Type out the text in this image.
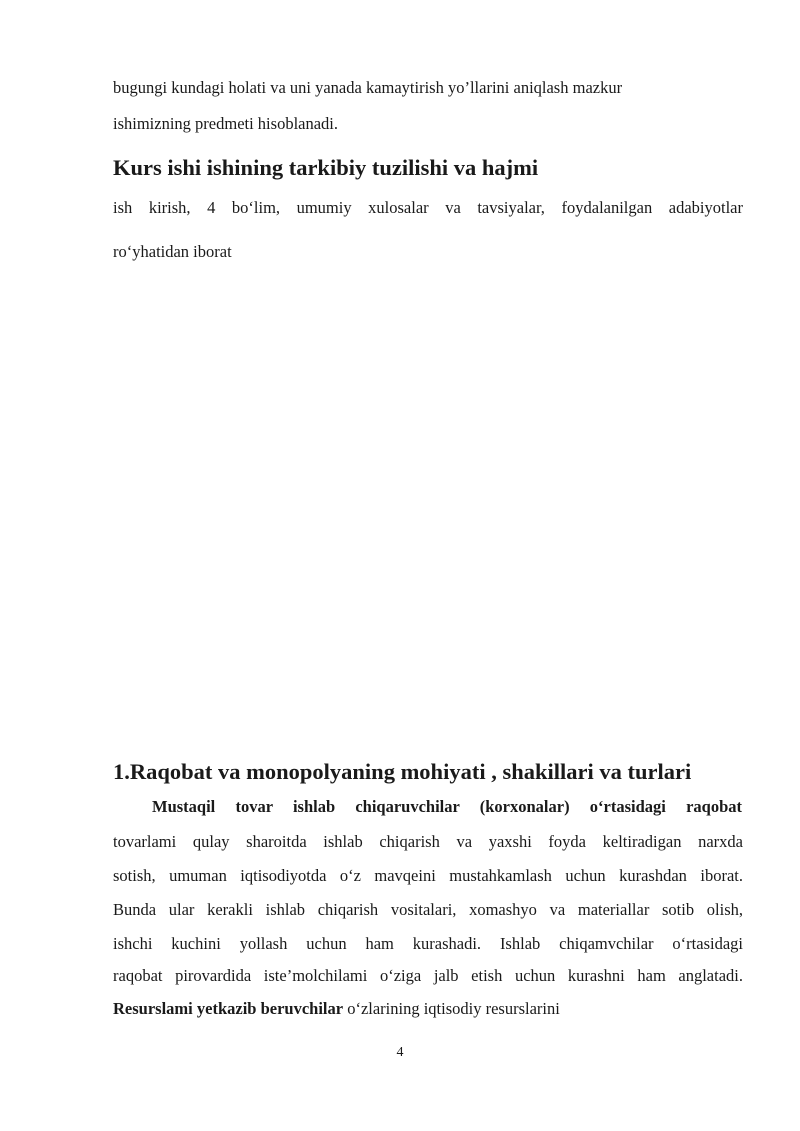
bugungi kundagi holati va uni yanada kamaytirish yo’llarini aniqlash mazkur
ishimizning predmeti hisoblanadi.
Kurs ishi ishining tarkibiy tuzilishi va hajmi
ish kirish, 4 bo‘lim, umumiy xulosalar va tavsiyalar, foydalanilgan adabiyotlar
ro‘yhatidan iborat
1.Raqobat va monopolyaning mohiyati , shakillari va turlari
Mustaqil tovar ishlab chiqaruvchilar (korxonalar) o‘rtasidagi raqobat
tovarlami qulay sharoitda ishlab chiqarish va yaxshi foyda keltiradigan narxda
sotish, umuman iqtisodiyotda o‘z mavqeini mustahkamlash uchun kurashdan iborat.
Bunda ular kerakli ishlab chiqarish vositalari, xomashyo va materiallar sotib olish,
ishchi kuchini yollash uchun ham kurashadi. Ishlab chiqamvchilar o‘rtasidagi
raqobat pirovardida iste’molchilami o‘ziga jalb etish uchun kurashni ham anglatadi.
Resurslami yetkazib beruvchilar o‘zlarining iqtisodiy resurslarini
4
